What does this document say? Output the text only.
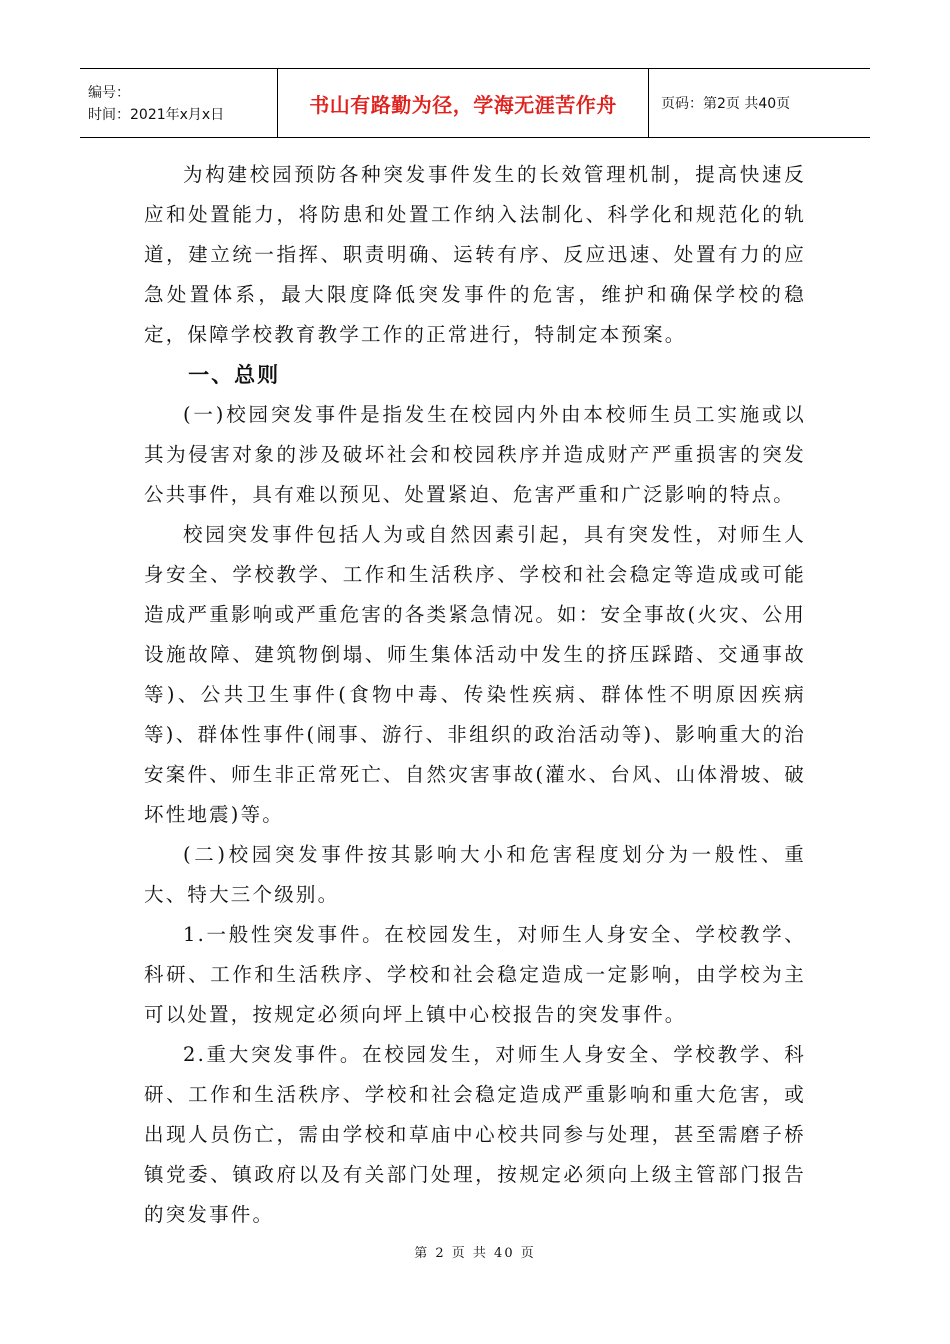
编号：
时间：2021年x月x日	书山有路勤为径，学海无涯苦作舟	页码：第2页 共40页

为构建校园预防各种突发事件发生的长效管理机制，提高快速反应和处置能力，将防患和处置工作纳入法制化、科学化和规范化的轨道，建立统一指挥、职责明确、运转有序、反应迅速、处置有力的应急处置体系，最大限度降低突发事件的危害，维护和确保学校的稳定，保障学校教育教学工作的正常进行，特制定本预案。

一、总则

(一)校园突发事件是指发生在校园内外由本校师生员工实施或以其为侵害对象的涉及破坏社会和校园秩序并造成财产严重损害的突发公共事件，具有难以预见、处置紧迫、危害严重和广泛影响的特点。

校园突发事件包括人为或自然因素引起，具有突发性，对师生人身安全、学校教学、工作和生活秩序、学校和社会稳定等造成或可能造成严重影响或严重危害的各类紧急情况。如：安全事故(火灾、公用设施故障、建筑物倒塌、师生集体活动中发生的挤压踩踏、交通事故等)、公共卫生事件(食物中毒、传染性疾病、群体性不明原因疾病等)、群体性事件(闹事、游行、非组织的政治活动等)、影响重大的治安案件、师生非正常死亡、自然灾害事故(灌水、台风、山体滑坡、破坏性地震)等。

(二)校园突发事件按其影响大小和危害程度划分为一般性、重大、特大三个级别。

1.一般性突发事件。在校园发生，对师生人身安全、学校教学、科研、工作和生活秩序、学校和社会稳定造成一定影响，由学校为主可以处置，按规定必须向坪上镇中心校报告的突发事件。

2.重大突发事件。在校园发生，对师生人身安全、学校教学、科研、工作和生活秩序、学校和社会稳定造成严重影响和重大危害，或出现人员伤亡，需由学校和草庙中心校共同参与处理，甚至需磨子桥镇党委、镇政府以及有关部门处理，按规定必须向上级主管部门报告的突发事件。

第 2 页 共 40 页
